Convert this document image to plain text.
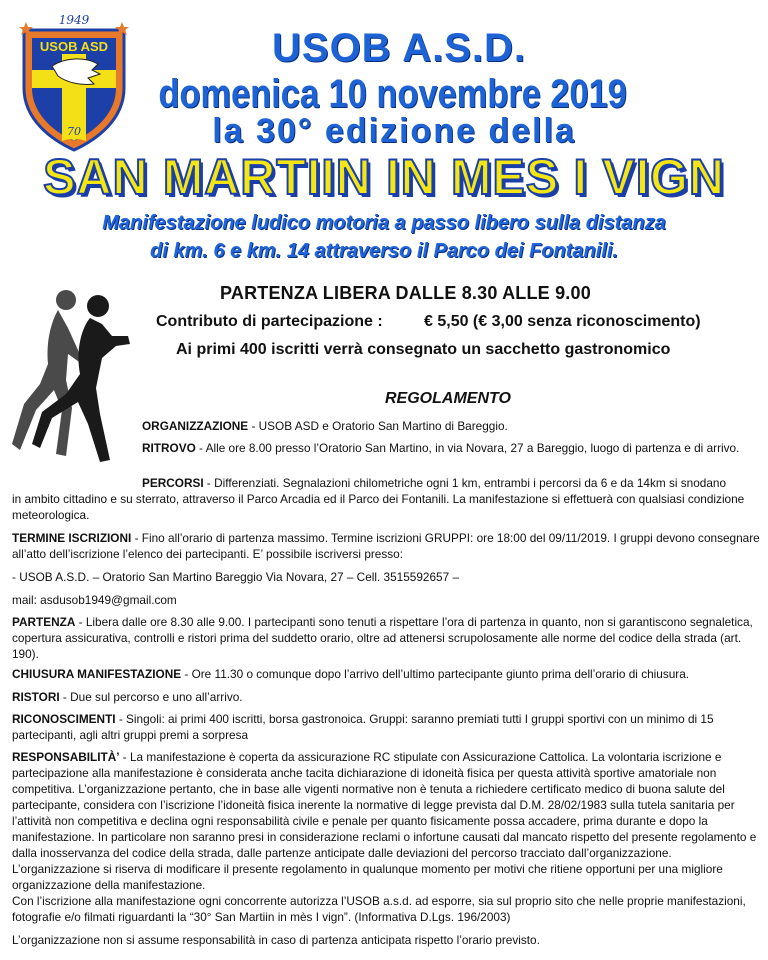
1949
USOB ASD
70
USOB A.S.D.
domenica 10 novembre 2019
la 30° edizione della
SAN MARTIIN IN MES I VIGN
Manifestazione ludico motoria a passo libero sulla distanza
di km. 6 e km. 14 attraverso il Parco dei Fontanili.
PARTENZA LIBERA DALLE 8.30 ALLE 9.00
Contributo di partecipazione :	€ 5,50 (€ 3,00 senza riconoscimento)
Ai primi 400 iscritti verrà consegnato un sacchetto gastronomico
REGOLAMENTO

ORGANIZZAZIONE - USOB ASD e Oratorio San Martino di Bareggio.

RITROVO - Alle ore 8.00 presso l’Oratorio San Martino, in via Novara, 27 a Bareggio, luogo di partenza e di arrivo.

PERCORSI - Differenziati. Segnalazioni chilometriche ogni 1 km, entrambi i percorsi da 6 e da 14km si snodano

in ambito cittadino e su sterrato, attraverso il Parco Arcadia ed il Parco dei Fontanili. La manifestazione si effettuerà con qualsiasi condizione meteorologica.

TERMINE ISCRIZIONI - Fino all’orario di partenza massimo. Termine iscrizioni GRUPPI: ore 18:00 del 09/11/2019. I gruppi devono consegnare all’atto dell’iscrizione l’elenco dei partecipanti. E’ possibile iscriversi presso:

- USOB A.S.D. – Oratorio San Martino Bareggio Via Novara, 27 – Cell. 3515592657 –

mail: asdusob1949@gmail.com

PARTENZA - Libera dalle ore 8.30 alle 9.00. I partecipanti sono tenuti a rispettare l’ora di partenza in quanto, non si garantiscono segnaletica, copertura assicurativa, controlli e ristori prima del suddetto orario, oltre ad attenersi scrupolosamente alle norme del codice della strada (art. 190).

CHIUSURA MANIFESTAZIONE - Ore 11.30 o comunque dopo l’arrivo dell’ultimo partecipante giunto prima dell’orario di chiusura.

RISTORI - Due sul percorso e uno all’arrivo.

RICONOSCIMENTI - Singoli: ai primi 400 iscritti, borsa gastronoica. Gruppi: saranno premiati tutti I gruppi sportivi con un minimo di 15 partecipanti, agli altri gruppi premi a sorpresa

RESPONSABILITÀ’ - La manifestazione è coperta da assicurazione RC stipulate con Assicurazione Cattolica. La volontaria iscrizione e partecipazione alla manifestazione è considerata anche tacita dichiarazione di idoneità fisica per questa attività sportive amatoriale non competitiva. L’organizzazione pertanto, che in base alle vigenti normative non è tenuta a richiedere certificato medico di buona salute del partecipante, considera con l’iscrizione l’idoneità fisica inerente la normative di legge prevista dal D.M. 28/02/1983 sulla tutela sanitaria per l’attività non competitiva e declina ogni responsabilità civile e penale per quanto fisicamente possa accadere, prima durante e dopo la manifestazione. In particolare non saranno presi in considerazione reclami o infortune causati dal mancato rispetto del presente regolamento e dalla inosservanza del codice della strada, dalle partenze anticipate dalle deviazioni del percorso tracciato dall’organizzazione. L’organizzazione si riserva di modificare il presente regolamento in qualunque momento per motivi che ritiene opportuni per una migliore organizzazione della manifestazione.

Con l’iscrizione alla manifestazione ogni concorrente autorizza l’USOB a.s.d. ad esporre, sia sul proprio sito che nelle proprie manifestazioni, fotografie e/o filmati riguardanti la “30° San Martiin in mès I vign”. (Informativa D.Lgs. 196/2003)

L’organizzazione non si assume responsabilità in caso di partenza anticipata rispetto l’orario previsto.
